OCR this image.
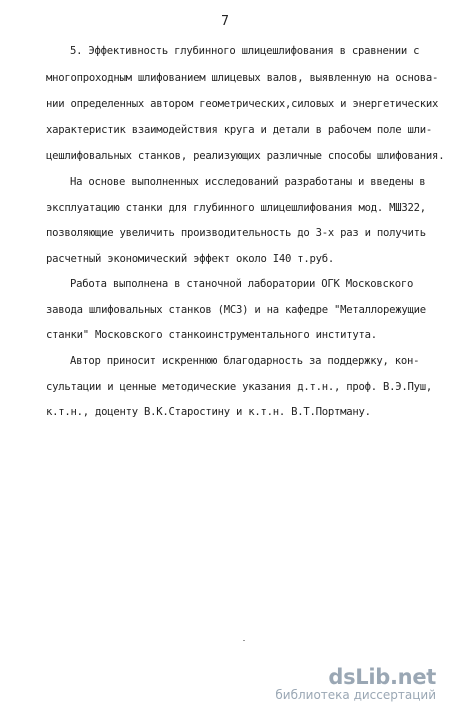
7
5. Эффективность глубинного шлицешлифования в сравнении с
многопроходным шлифованием шлицевых валов, выявленную на основа-
нии определенных автором геометрических,силовых и энергетических
характеристик взаимодействия круга и детали в рабочем поле шли-
цешлифовальных станков, реализующих различные способы шлифования.
На основе выполненных исследований разработаны и введены в
эксплуатацию станки для глубинного шлицешлифования мод. МШ322,
позволяющие увеличить производительность до 3-х раз и получить
расчетный экономический эффект около I40 т.руб.
Работа выполнена в станочной лаборатории ОГК Московского
завода шлифовальных станков (МСЗ) и на кафедре "Металлорежущие
станки" Московского станкоинструментального института.
Автор приносит искреннюю благодарность за поддержку, кон-
сультации и ценные методические указания д.т.н., проф. В.Э.Пуш,
к.т.н., доценту В.К.Старостину и к.т.н. В.Т.Портману.
dsLib.net
библиотека диссертаций
